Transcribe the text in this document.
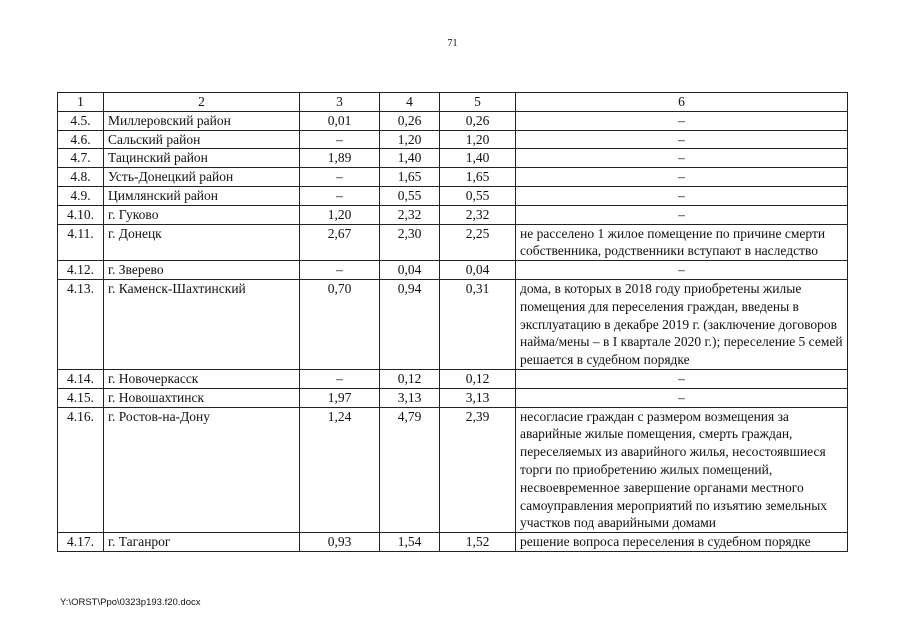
71
1	2	3	4	5	6
4.5.	Миллеровский район	0,01	0,26	0,26	–
4.6.	Сальский район	–	1,20	1,20	–
4.7.	Тацинский район	1,89	1,40	1,40	–
4.8.	Усть-Донецкий район	–	1,65	1,65	–
4.9.	Цимлянский район	–	0,55	0,55	–
4.10.	г. Гуково	1,20	2,32	2,32	–
4.11.	г. Донецк	2,67	2,30	2,25	не расселено 1 жилое помещение по причине смерти собственника, родственники вступают в наследство
4.12.	г. Зверево	–	0,04	0,04	–
4.13.	г. Каменск-Шахтинский	0,70	0,94	0,31	дома, в которых в 2018 году приобретены жилые помещения для переселения граждан, введены в эксплуатацию в декабре 2019 г. (заключение договоров найма/мены – в I квартале 2020 г.); переселение 5 семей решается в судебном порядке
4.14.	г. Новочеркасск	–	0,12	0,12	–
4.15.	г. Новошахтинск	1,97	3,13	3,13	–
4.16.	г. Ростов-на-Дону	1,24	4,79	2,39	несогласие граждан с размером возмещения за аварийные жилые помещения, смерть граждан, переселяемых из аварийного жилья, несостоявшиеся торги по приобретению жилых помещений, несвоевременное завершение органами местного самоуправления мероприятий по изъятию земельных участков под аварийными домами
4.17.	г. Таганрог	0,93	1,54	1,52	решение вопроса переселения в судебном порядке
Y:\ORST\Ppo\0323p193.f20.docx
